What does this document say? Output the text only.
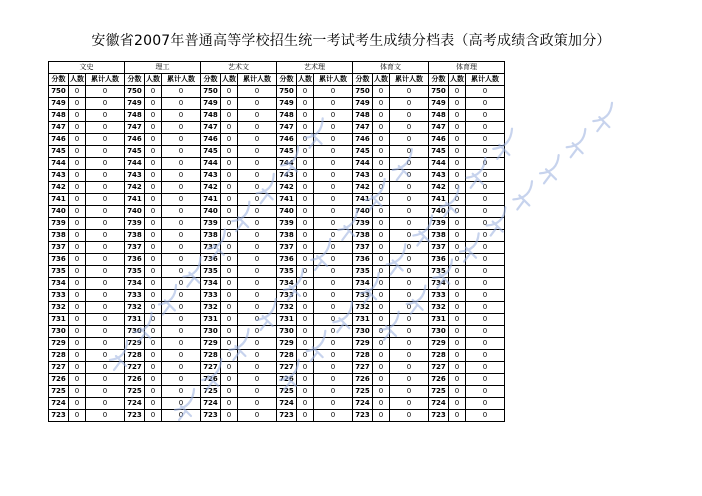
安徽省2007年普通高等学校招生统一考试考生成绩分档表（高考成绩含政策加分）
文史			理工			艺术文			艺术理			体育文			体育理		
分数	人数	累计人数	分数	人数	累计人数	分数	人数	累计人数	分数	人数	累计人数	分数	人数	累计人数	分数	人数	累计人数
750	0	0	750	0	0	750	0	0	750	0	0	750	0	0	750	0	0
749	0	0	749	0	0	749	0	0	749	0	0	749	0	0	749	0	0
748	0	0	748	0	0	748	0	0	748	0	0	748	0	0	748	0	0
747	0	0	747	0	0	747	0	0	747	0	0	747	0	0	747	0	0
746	0	0	746	0	0	746	0	0	746	0	0	746	0	0	746	0	0
745	0	0	745	0	0	745	0	0	745	0	0	745	0	0	745	0	0
744	0	0	744	0	0	744	0	0	744	0	0	744	0	0	744	0	0
743	0	0	743	0	0	743	0	0	743	0	0	743	0	0	743	0	0
742	0	0	742	0	0	742	0	0	742	0	0	742	0	0	742	0	0
741	0	0	741	0	0	741	0	0	741	0	0	741	0	0	741	0	0
740	0	0	740	0	0	740	0	0	740	0	0	740	0	0	740	0	0
739	0	0	739	0	0	739	0	0	739	0	0	739	0	0	739	0	0
738	0	0	738	0	0	738	0	0	738	0	0	738	0	0	738	0	0
737	0	0	737	0	0	737	0	0	737	0	0	737	0	0	737	0	0
736	0	0	736	0	0	736	0	0	736	0	0	736	0	0	736	0	0
735	0	0	735	0	0	735	0	0	735	0	0	735	0	0	735	0	0
734	0	0	734	0	0	734	0	0	734	0	0	734	0	0	734	0	0
733	0	0	733	0	0	733	0	0	733	0	0	733	0	0	733	0	0
732	0	0	732	0	0	732	0	0	732	0	0	732	0	0	732	0	0
731	0	0	731	0	0	731	0	0	731	0	0	731	0	0	731	0	0
730	0	0	730	0	0	730	0	0	730	0	0	730	0	0	730	0	0
729	0	0	729	0	0	729	0	0	729	0	0	729	0	0	729	0	0
728	0	0	728	0	0	728	0	0	728	0	0	728	0	0	728	0	0
727	0	0	727	0	0	727	0	0	727	0	0	727	0	0	727	0	0
726	0	0	726	0	0	726	0	0	726	0	0	726	0	0	726	0	0
725	0	0	725	0	0	725	0	0	725	0	0	725	0	0	725	0	0
724	0	0	724	0	0	724	0	0	724	0	0	724	0	0	724	0	0
723	0	0	723	0	0	723	0	0	723	0	0	723	0	0	723	0	0
